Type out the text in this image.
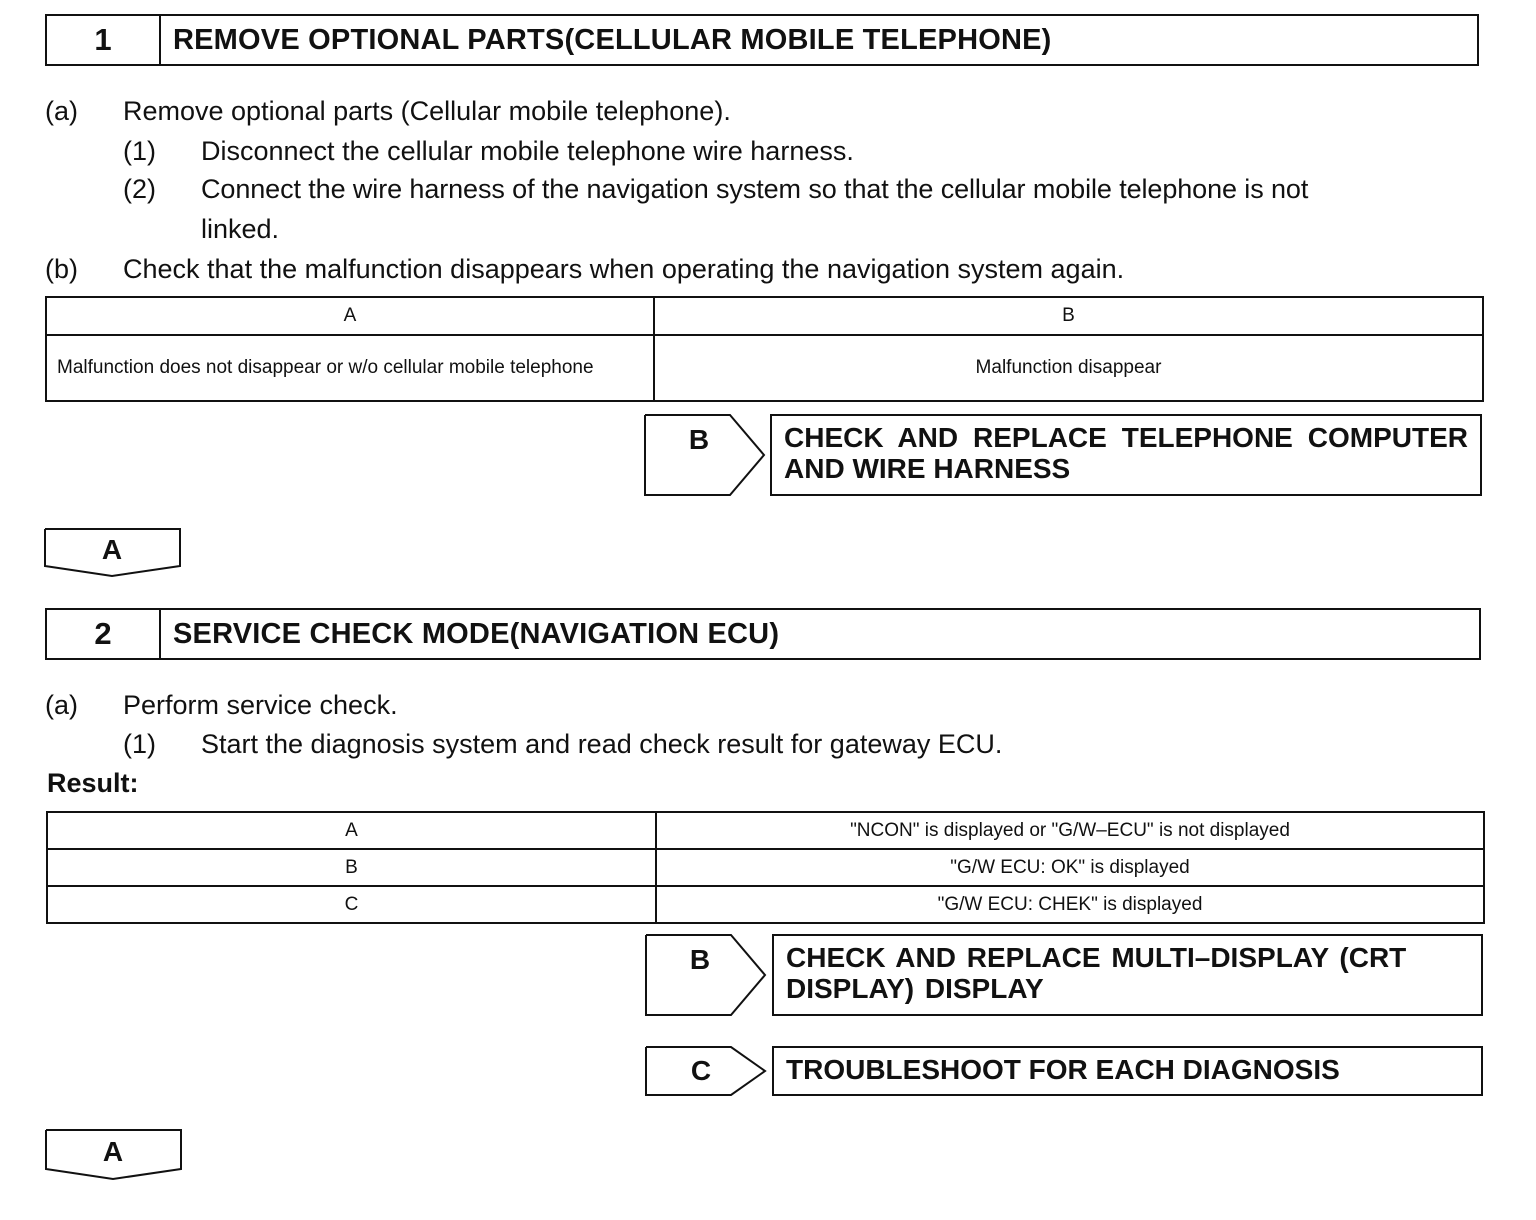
1	REMOVE OPTIONAL PARTS(CELLULAR MOBILE TELEPHONE)
(a) Remove optional parts (Cellular mobile telephone).
(1) Disconnect the cellular mobile telephone wire harness.
(2) Connect the wire harness of the navigation system so that the cellular mobile telephone is not
linked.
(b) Check that the malfunction disappears when operating the navigation system again.
A	B
Malfunction does not disappear or w/o cellular mobile telephone	Malfunction disappear
B	CHECK AND REPLACE TELEPHONE COMPUTER AND WIRE HARNESS
A
2	SERVICE CHECK MODE(NAVIGATION ECU)
(a) Perform service check.
(1) Start the diagnosis system and read check result for gateway ECU.
Result:
A	"NCON" is displayed or "G/W–ECU" is not displayed
B	"G/W ECU: OK" is displayed
C	"G/W ECU: CHEK" is displayed
B	CHECK AND REPLACE MULTI–DISPLAY (CRT DISPLAY) DISPLAY
C	TROUBLESHOOT FOR EACH DIAGNOSIS
A
